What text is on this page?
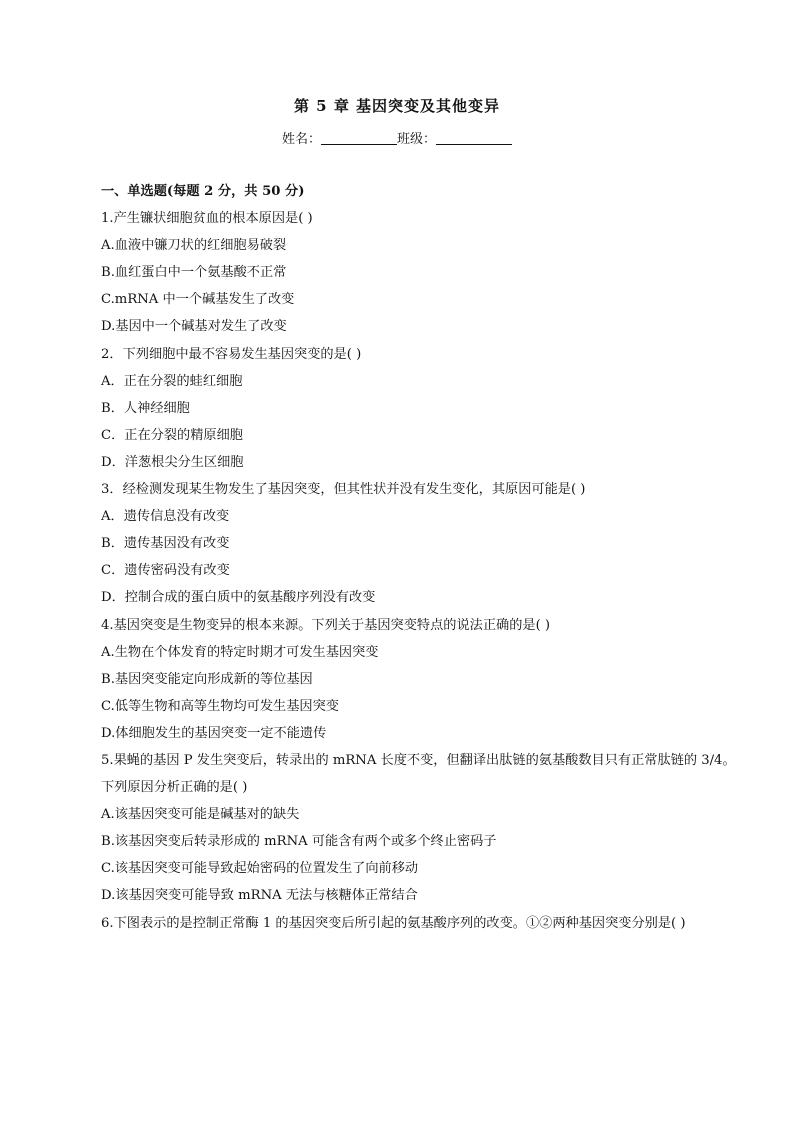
第 5 章 基因突变及其他变异
姓名：	班级：
一、单选题(每题 2 分，共 50 分)
1.产生镰状细胞贫血的根本原因是( )
A.血液中镰刀状的红细胞易破裂
B.血红蛋白中一个氨基酸不正常
C.mRNA 中一个碱基发生了改变
D.基因中一个碱基对发生了改变
2．下列细胞中最不容易发生基因突变的是( )
A．正在分裂的蛙红细胞
B．人神经细胞
C．正在分裂的精原细胞
D．洋葱根尖分生区细胞
3．经检测发现某生物发生了基因突变，但其性状并没有发生变化，其原因可能是( )
A．遗传信息没有改变
B．遗传基因没有改变
C．遗传密码没有改变
D．控制合成的蛋白质中的氨基酸序列没有改变
4.基因突变是生物变异的根本来源。下列关于基因突变特点的说法正确的是( )
A.生物在个体发育的特定时期才可发生基因突变
B.基因突变能定向形成新的等位基因
C.低等生物和高等生物均可发生基因突变
D.体细胞发生的基因突变一定不能遗传
5.果蝇的基因 P 发生突变后，转录出的 mRNA 长度不变，但翻译出肽链的氨基酸数目只有正常肽链的 3/4。
下列原因分析正确的是( )
A.该基因突变可能是碱基对的缺失
B.该基因突变后转录形成的 mRNA 可能含有两个或多个终止密码子
C.该基因突变可能导致起始密码的位置发生了向前移动
D.该基因突变可能导致 mRNA 无法与核糖体正常结合
6.下图表示的是控制正常酶 1 的基因突变后所引起的氨基酸序列的改变。①②两种基因突变分别是( )
